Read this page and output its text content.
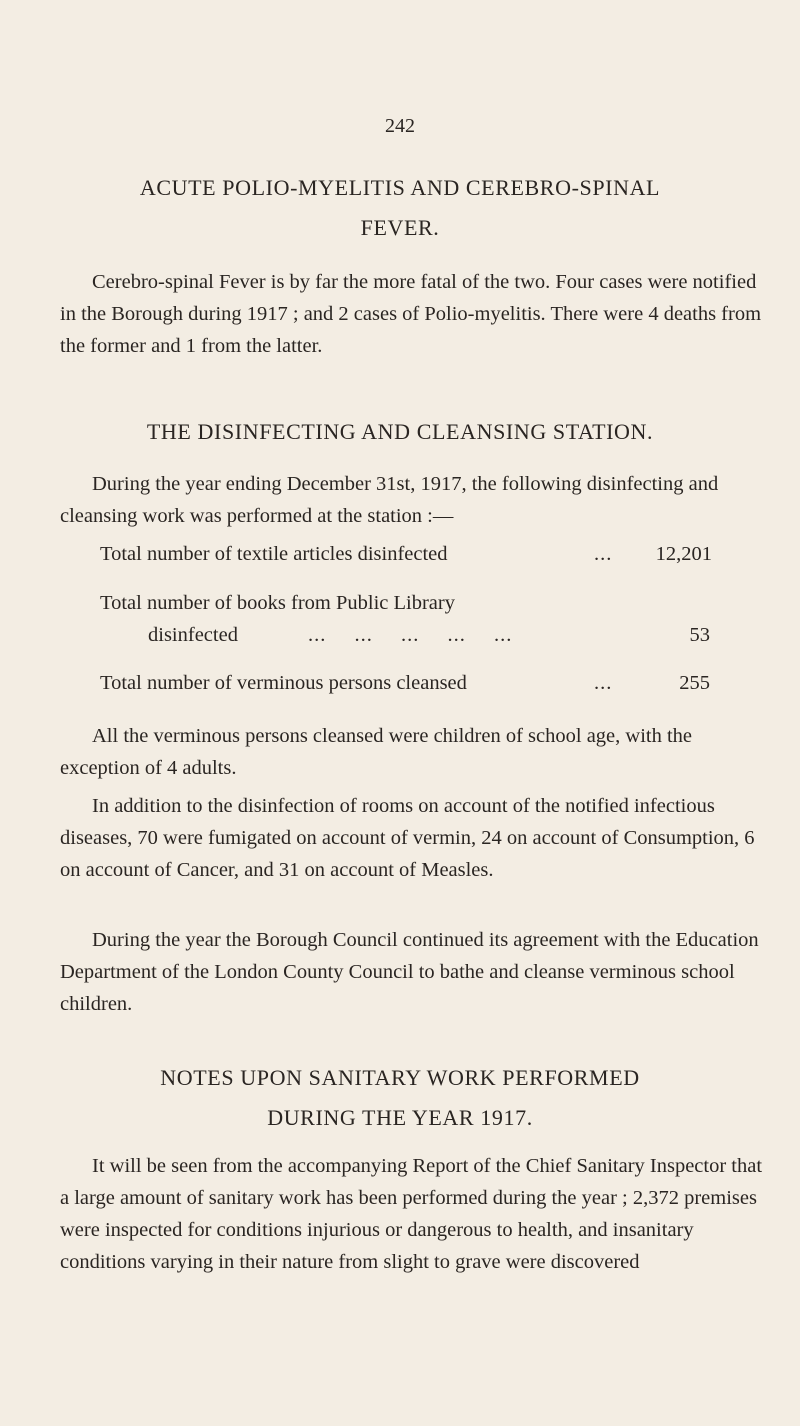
242
ACUTE POLIO-MYELITIS AND CEREBRO-SPINAL
FEVER.
Cerebro-spinal Fever is by far the more fatal of the two. Four cases were notified in the Borough during 1917 ; and 2 cases of Polio-myelitis. There were 4 deaths from the former and 1 from the latter.
THE DISINFECTING AND CLEANSING STATION.
During the year ending December 31st, 1917, the following disinfecting and cleansing work was performed at the station :—
Total number of textile articles disinfected	...	12,201
Total number of books from Public Library
disinfected	... ... ... ... ...	53
Total number of verminous persons cleansed	...	255
All the verminous persons cleansed were children of school age, with the exception of 4 adults.
In addition to the disinfection of rooms on account of the notified infectious diseases, 70 were fumigated on account of vermin, 24 on account of Consumption, 6 on account of Cancer, and 31 on account of Measles.
During the year the Borough Council continued its agreement with the Education Department of the London County Council to bathe and cleanse verminous school children.
NOTES UPON SANITARY WORK PERFORMED
DURING THE YEAR 1917.
It will be seen from the accompanying Report of the Chief Sanitary Inspector that a large amount of sanitary work has been performed during the year ; 2,372 premises were inspected for conditions injurious or dangerous to health, and insanitary conditions varying in their nature from slight to grave were discovered
